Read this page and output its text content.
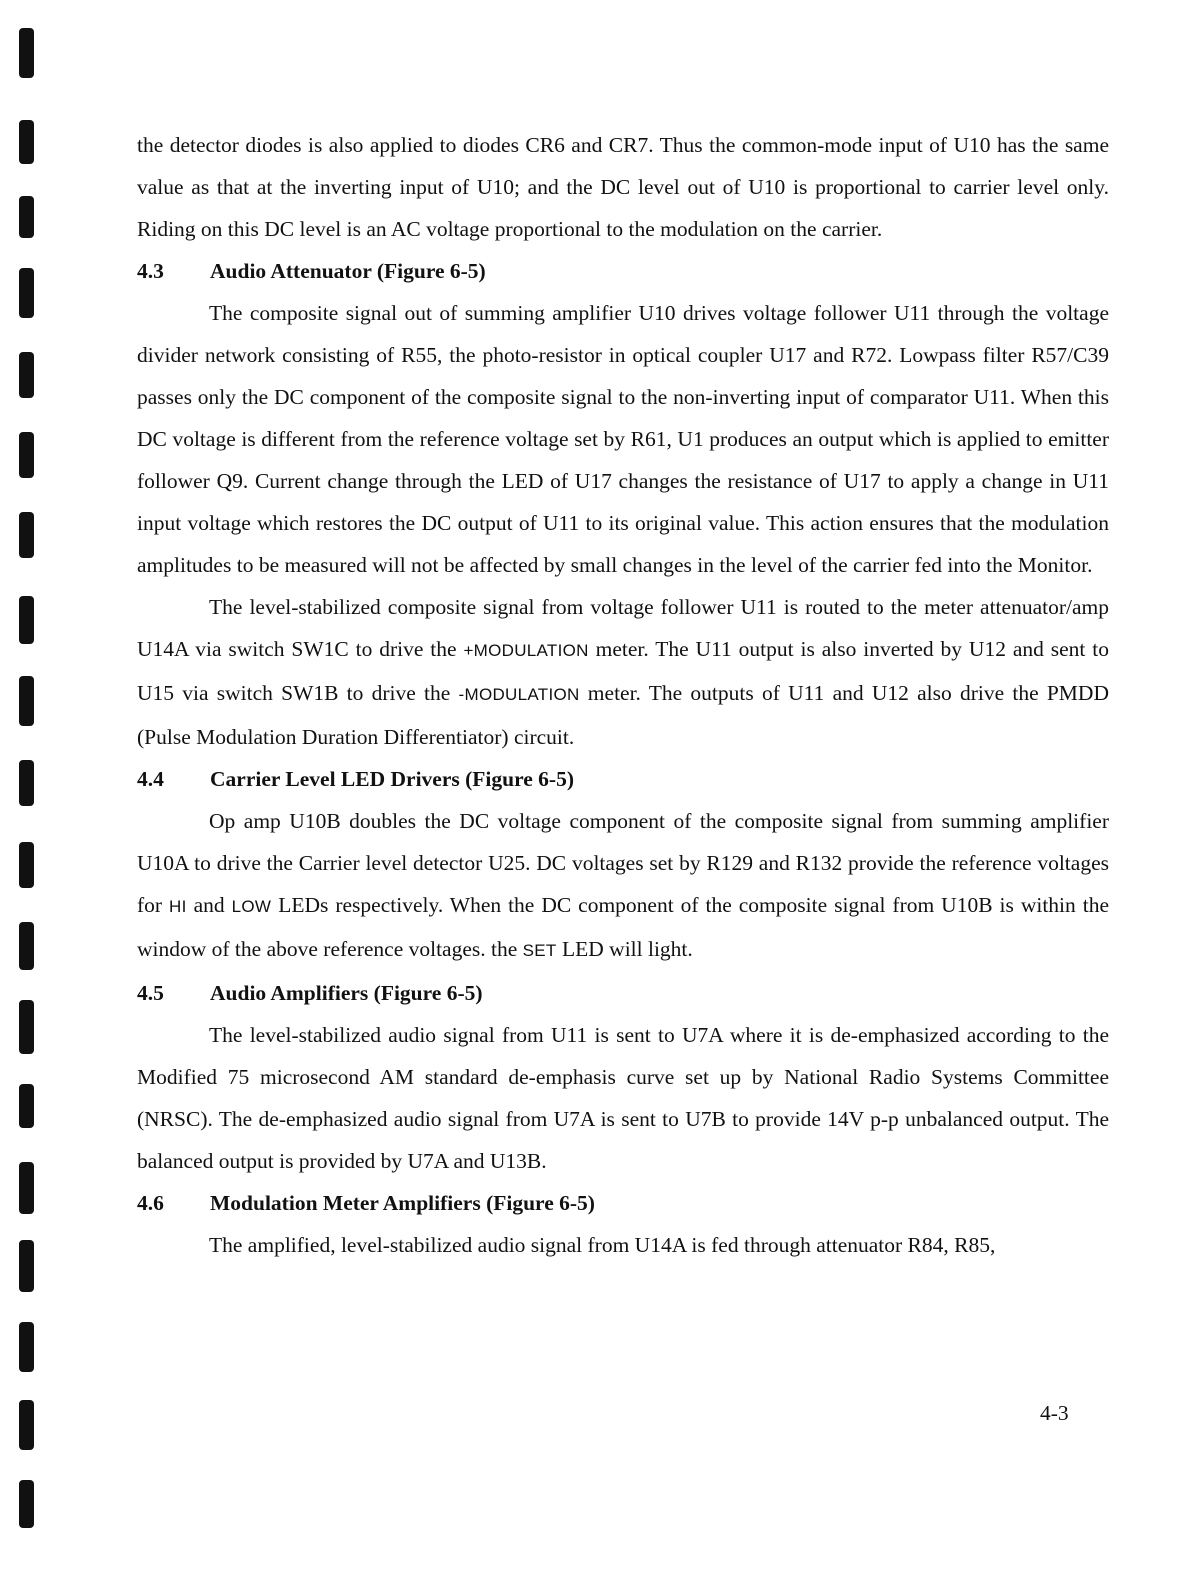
the detector diodes is also applied to diodes CR6 and CR7. Thus the common-mode input of U10 has the same value as that at the inverting input of U10; and the DC level out of U10 is proportional to carrier level only. Riding on this DC level is an AC voltage proportional to the modulation on the carrier.

4.3 Audio Attenuator (Figure 6-5)

The composite signal out of summing amplifier U10 drives voltage follower U11 through the voltage divider network consisting of R55, the photo-resistor in optical coupler U17 and R72. Lowpass filter R57/C39 passes only the DC component of the composite signal to the non-inverting input of comparator U11. When this DC voltage is different from the reference voltage set by R61, U1 produces an output which is applied to emitter follower Q9. Current change through the LED of U17 changes the resistance of U17 to apply a change in U11 input voltage which restores the DC output of U11 to its original value. This action ensures that the modulation amplitudes to be measured will not be affected by small changes in the level of the carrier fed into the Monitor.

The level-stabilized composite signal from voltage follower U11 is routed to the meter attenuator/amp U14A via switch SW1C to drive the +MODULATION meter. The U11 output is also inverted by U12 and sent to U15 via switch SW1B to drive the -MODULATION meter. The outputs of U11 and U12 also drive the PMDD (Pulse Modulation Duration Differentiator) circuit.

4.4 Carrier Level LED Drivers (Figure 6-5)

Op amp U10B doubles the DC voltage component of the composite signal from summing amplifier U10A to drive the Carrier level detector U25. DC voltages set by R129 and R132 provide the reference voltages for HI and LOW LEDs respectively. When the DC component of the composite signal from U10B is within the window of the above reference voltages. the SET LED will light.

4.5 Audio Amplifiers (Figure 6-5)

The level-stabilized audio signal from U11 is sent to U7A where it is de-emphasized according to the Modified 75 microsecond AM standard de-emphasis curve set up by National Radio Systems Committee (NRSC). The de-emphasized audio signal from U7A is sent to U7B to provide 14V p-p unbalanced output. The balanced output is provided by U7A and U13B.

4.6 Modulation Meter Amplifiers (Figure 6-5)

The amplified, level-stabilized audio signal from U14A is fed through attenuator R84, R85,

4-3
